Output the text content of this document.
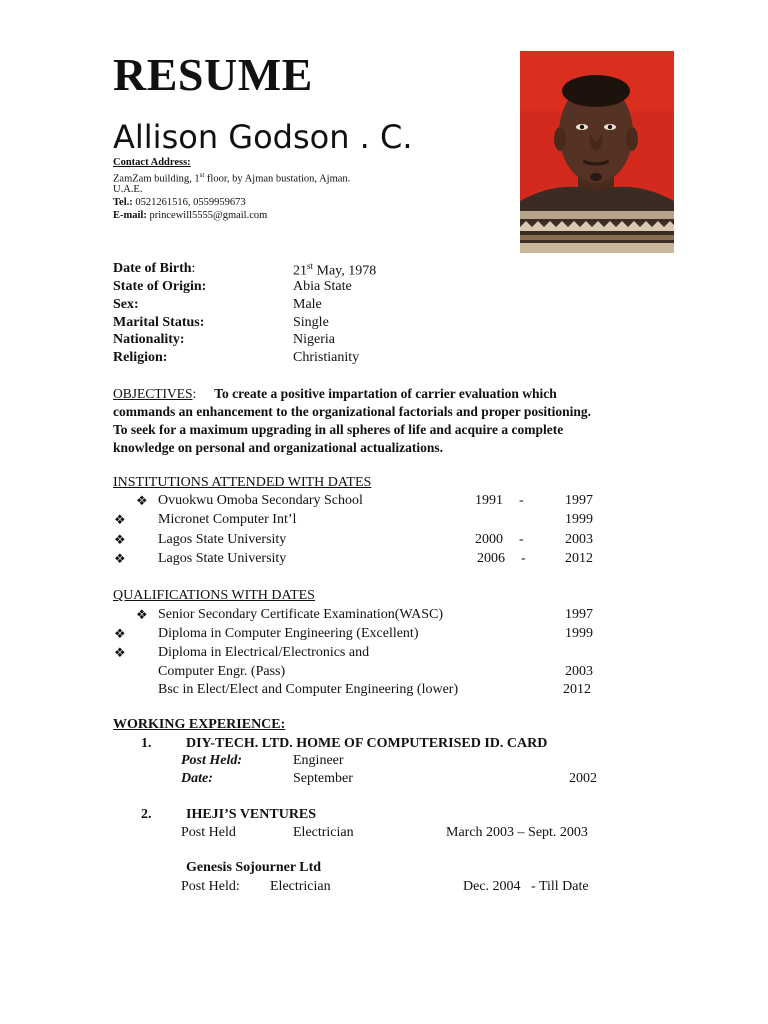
RESUME
Allison Godson . C.
Contact Address:
ZamZam building, 1st floor, by Ajman bustation, Ajman.
U.A.E.
Tel.: 0521261516, 0559959673
E-mail: princewill5555@gmail.com
Date of Birth:	21st May, 1978
State of Origin:	Abia State
Sex:	Male
Marital Status:	Single
Nationality:	Nigeria
Religion:	Christianity
OBJECTIVES: To create a positive impartation of carrier evaluation which
commands an enhancement to the organizational factorials and proper positioning.
To seek for a maximum upgrading in all spheres of life and acquire a complete
knowledge on personal and organizational actualizations.
INSTITUTIONS ATTENDED WITH DATES
❖ Ovuokwu Omoba Secondary School	1991 -	1997
❖ Micronet Computer Int’l	1999
❖ Lagos State University	2000 -	2003
❖ Lagos State University	2006 -	2012
QUALIFICATIONS WITH DATES
❖ Senior Secondary Certificate Examination(WASC)	1997
❖ Diploma in Computer Engineering (Excellent)	1999
❖ Diploma in Electrical/Electronics and
Computer Engr. (Pass)	2003
Bsc in Elect/Elect and Computer Engineering (lower)	2012
WORKING EXPERIENCE:
1. DIY-TECH. LTD. HOME OF COMPUTERISED ID. CARD
Post Held:	Engineer
Date:	September	2002
2. IHEJI’S VENTURES
Post Held	Electrician	March 2003 – Sept. 2003
Genesis Sojourner Ltd
Post Held: Electrician	Dec. 2004   - Till Date
